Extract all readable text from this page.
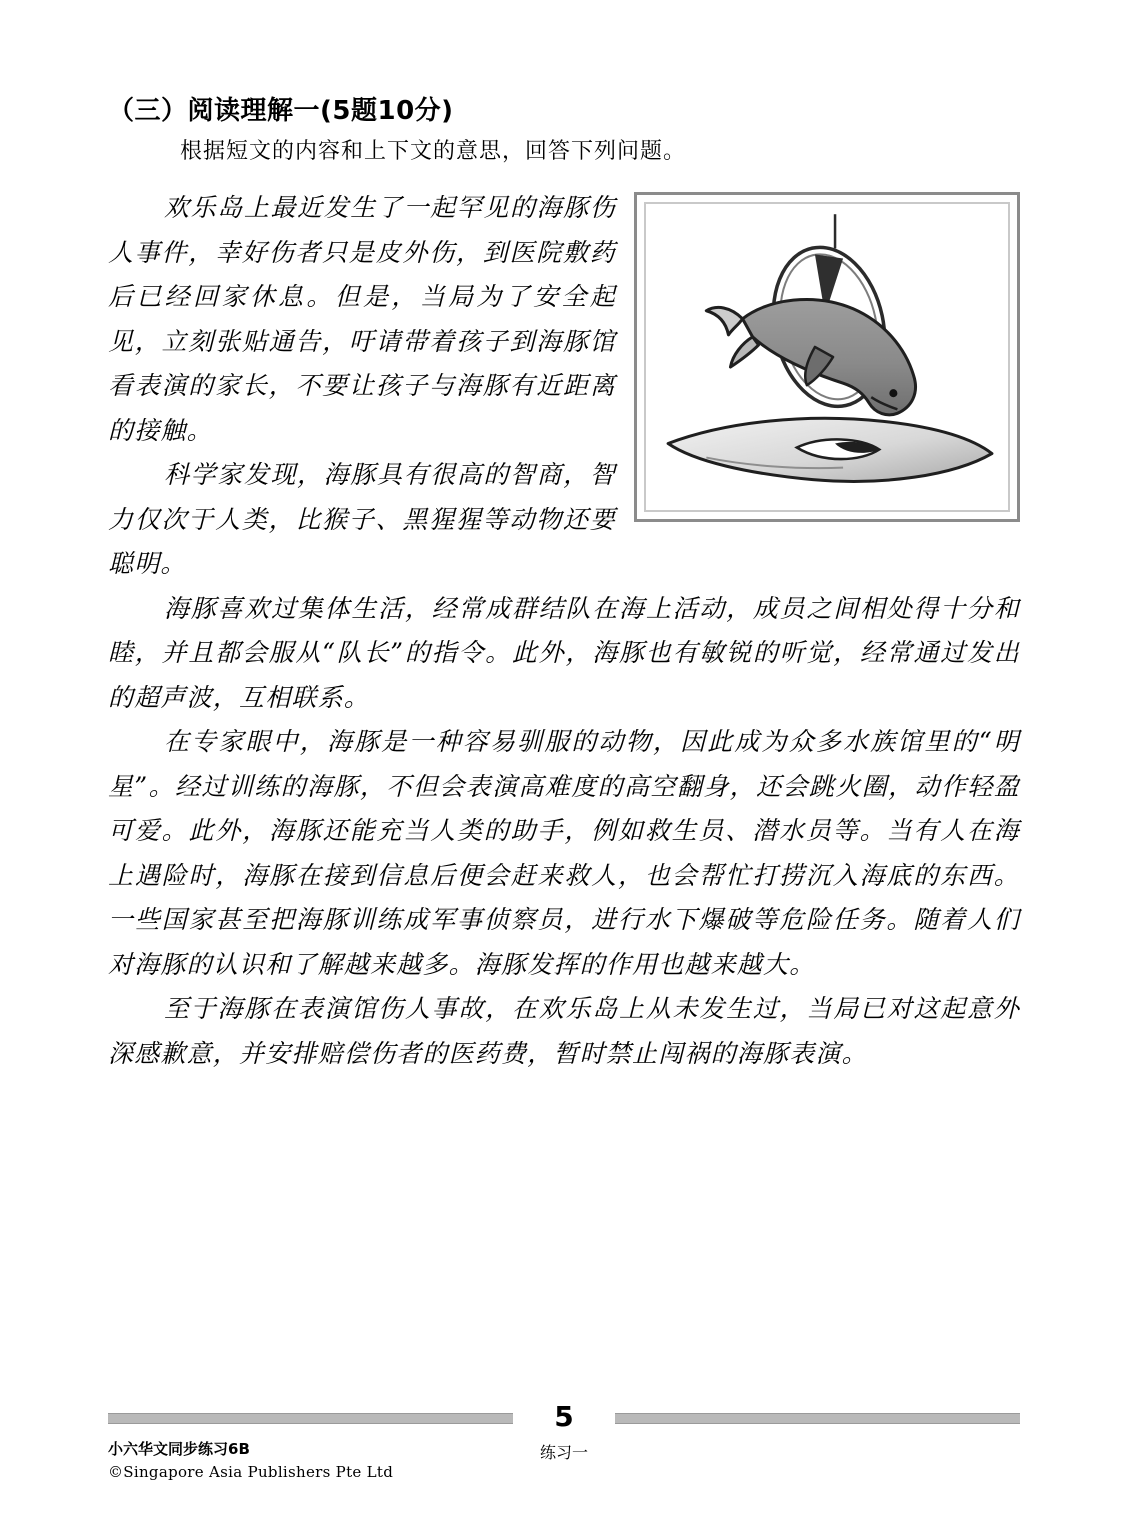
（三）阅读理解一(5题10分)

根据短文的内容和上下文的意思，回答下列问题。

欢乐岛上最近发生了一起罕见的海豚伤人事件，幸好伤者只是皮外伤，到医院敷药后已经回家休息。但是，当局为了安全起见，立刻张贴通告，吁请带着孩子到海豚馆看表演的家长，不要让孩子与海豚有近距离的接触。

科学家发现，海豚具有很高的智商，智力仅次于人类，比猴子、黑猩猩等动物还要聪明。

海豚喜欢过集体生活，经常成群结队在海上活动，成员之间相处得十分和睦，并且都会服从“队长”的指令。此外，海豚也有敏锐的听觉，经常通过发出的超声波，互相联系。

在专家眼中，海豚是一种容易驯服的动物，因此成为众多水族馆里的“明星”。经过训练的海豚，不但会表演高难度的高空翻身，还会跳火圈，动作轻盈可爱。此外，海豚还能充当人类的助手，例如救生员、潜水员等。当有人在海上遇险时，海豚在接到信息后便会赶来救人，也会帮忙打捞沉入海底的东西。一些国家甚至把海豚训练成军事侦察员，进行水下爆破等危险任务。随着人们对海豚的认识和了解越来越多。海豚发挥的作用也越来越大。

至于海豚在表演馆伤人事故，在欢乐岛上从未发生过，当局已对这起意外深感歉意，并安排赔偿伤者的医药费，暂时禁止闯祸的海豚表演。

5
小六华文同步练习6B
©Singapore Asia Publishers Pte Ltd
练习一
